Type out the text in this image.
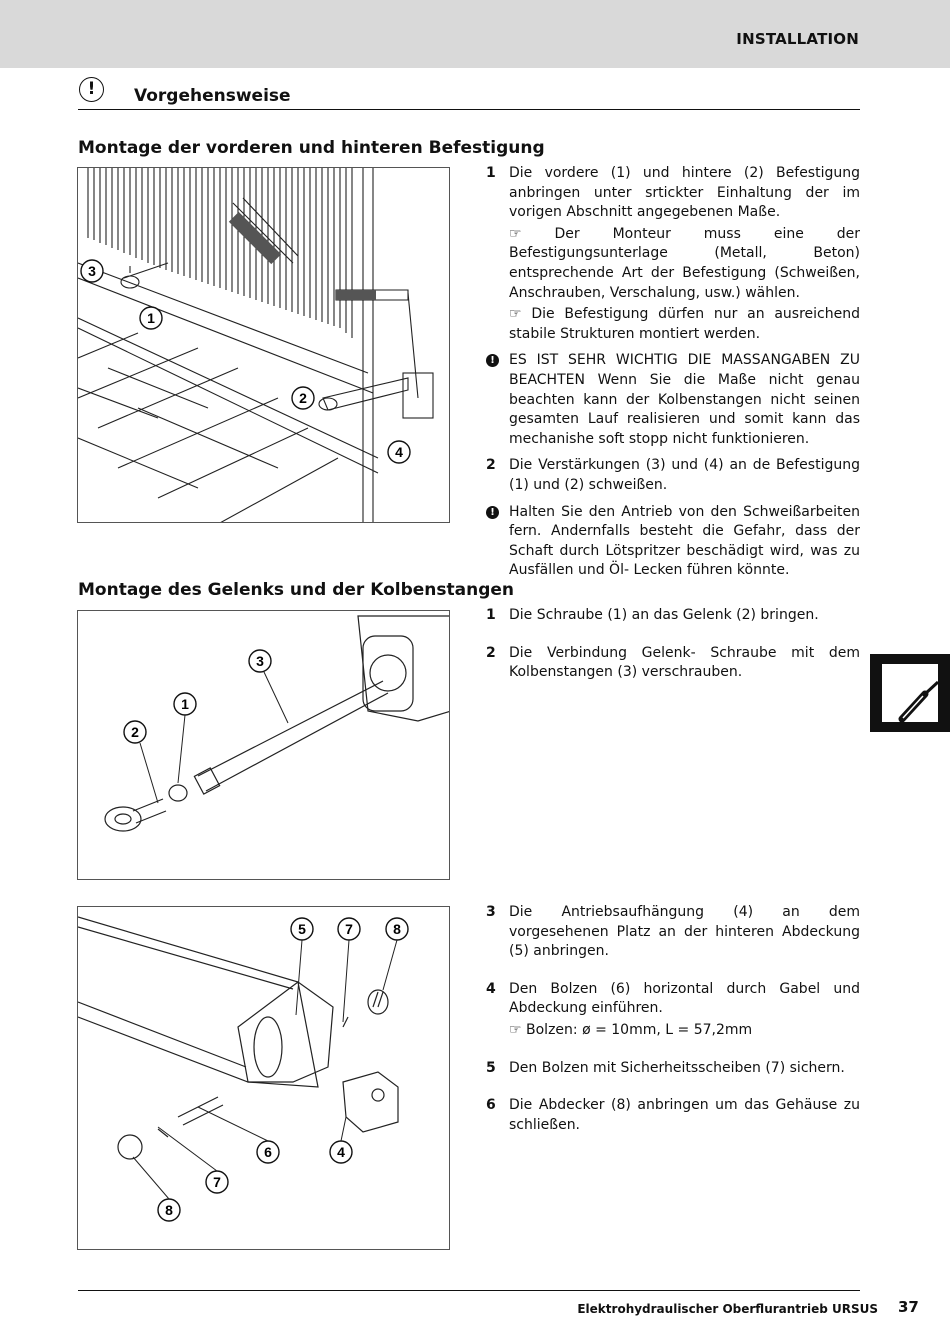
INSTALLATION
!	Vorgehensweise
Montage der vorderen und hinteren Befestigung
3
1
2
4
1 Die vordere (1) und hintere (2) Befestigung anbringen unter srtickter Einhaltung der im vorigen Abschnitt angegebenen Maße.
☞ Der Monteur muss eine der Befestigungsunterlage (Metall, Beton) entsprechende Art der Befestigung (Schweißen, Anschrauben, Verschalung, usw.) wählen.
☞ Die Befestigung dürfen nur an ausreichend stabile Strukturen montiert werden.
!	ES IST SEHR WICHTIG DIE MASSANGABEN ZU BEACHTEN Wenn Sie die Maße nicht genau beachten kann der Kolbenstangen nicht seinen gesamten Lauf realisieren und somit kann das mechanishe soft stopp nicht funktionieren.
2 Die Verstärkungen (3) und (4) an de Befestigung (1) und (2) schweißen.
!	Halten Sie den Antrieb von den Schweißarbeiten fern. Andernfalls besteht die Gefahr, dass der Schaft durch Lötspritzer beschädigt wird, was zu Ausfällen und Öl- Lecken führen könnte.
Montage des Gelenks und der Kolbenstangen
3
1
2
1 Die Schraube (1) an das Gelenk (2) bringen.
2 Die Verbindung Gelenk- Schraube mit dem Kolbenstangen (3) verschrauben.
5	7	8
6	4
7
8
3 Die Antriebsaufhängung (4) an dem vorgesehenen Platz an der hinteren Abdeckung (5) anbringen.
4 Den Bolzen (6) horizontal durch Gabel und Abdeckung einführen.
☞ Bolzen: ø = 10mm, L = 57,2mm
5 Den Bolzen mit Sicherheitsscheiben (7) sichern.
6 Die Abdecker (8) anbringen um das Gehäuse zu schließen.
Elektrohydraulischer Oberflurantrieb URSUS 37
